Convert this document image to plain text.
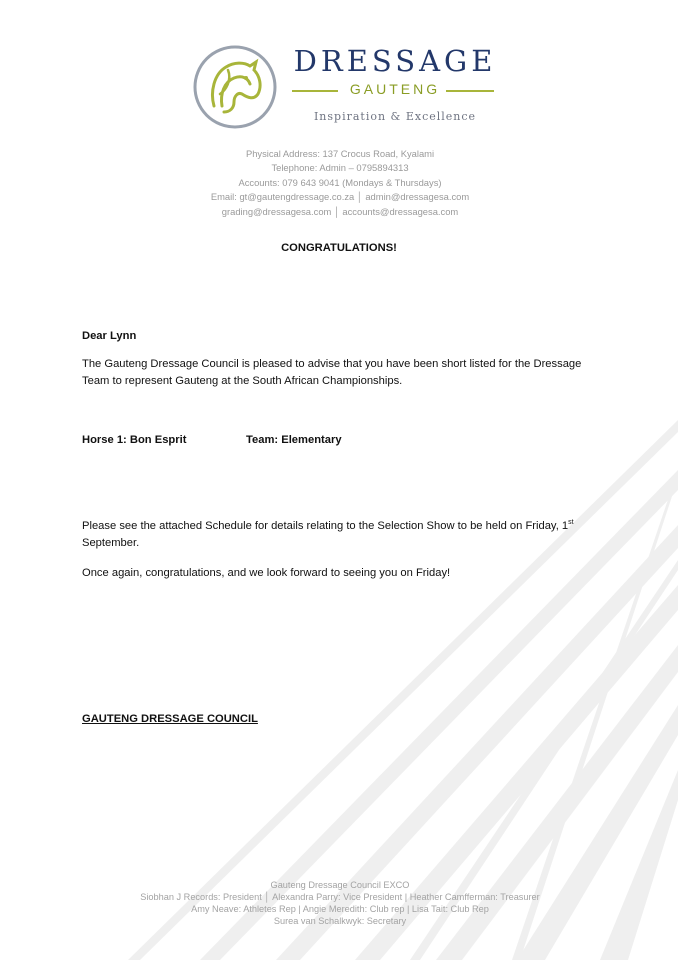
DRESSAGE
GAUTENG
Inspiration & Excellence
Physical Address: 137 Crocus Road, Kyalami
Telephone: Admin – 0795894313
Accounts: 079 643 9041 (Mondays & Thursdays)
Email: gt@gautengdressage.co.za │ admin@dressagesa.com
grading@dressagesa.com │ accounts@dressagesa.com
CONGRATULATIONS!
Dear Lynn
The Gauteng Dressage Council is pleased to advise that you have been short listed for the Dressage
Team to represent Gauteng at the South African Championships.
Horse 1: Bon Esprit	Team: Elementary
Please see the attached Schedule for details relating to the Selection Show to be held on Friday, 1st
September.
Once again, congratulations, and we look forward to seeing you on Friday!
GAUTENG DRESSAGE COUNCIL
Gauteng Dressage Council EXCO
Siobhan J Records: President │ Alexandra Parry: Vice President | Heather Camfferman: Treasurer
Amy Neave: Athletes Rep | Angie Meredith: Club rep | Lisa Tait: Club Rep
Surea van Schalkwyk: Secretary
